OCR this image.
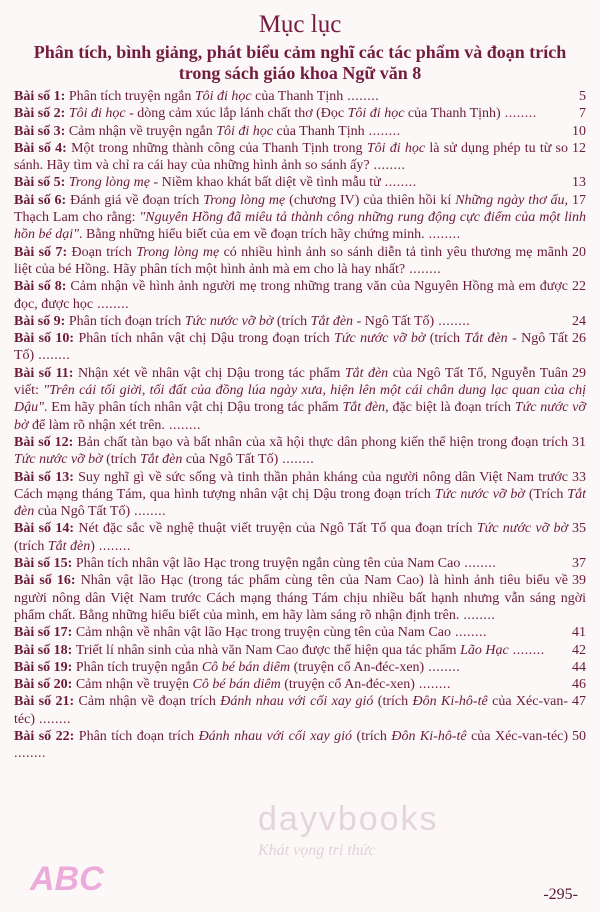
Mục lục
Phân tích, bình giảng, phát biểu cảm nghĩ các tác phẩm và đoạn trích trong sách giáo khoa Ngữ văn 8
5
Bài số 1: Phân tích truyện ngắn Tôi đi học của Thanh Tịnh ........
7
Bài số 2: Tôi đi học - dòng cảm xúc lắp lánh chất thơ (Đọc Tôi đi học của Thanh Tịnh) ........
10
Bài số 3: Cảm nhận về truyện ngắn Tôi đi học của Thanh Tịnh ........
12
Bài số 4: Một trong những thành công của Thanh Tịnh trong Tôi đi học là sử dụng phép tu từ so sánh. Hãy tìm và chỉ ra cái hay của những hình ảnh so sánh ấy? ........
13
Bài số 5: Trong lòng mẹ - Niềm khao khát bất diệt về tình mẫu tử ........
17
Bài số 6: Đánh giá về đoạn trích Trong lòng mẹ (chương IV) của thiên hồi kí Những ngày thơ ấu, Thạch Lam cho rằng: "Nguyên Hồng đã miêu tả thành công những rung động cực điểm của một linh hồn bé dại". Bằng những hiểu biết của em về đoạn trích hãy chứng minh. ........
20
Bài số 7: Đoạn trích Trong lòng mẹ có nhiều hình ảnh so sánh diễn tả tình yêu thương mẹ mãnh liệt của bé Hồng. Hãy phân tích một hình ảnh mà em cho là hay nhất? ........
22
Bài số 8: Cảm nhận về hình ảnh người mẹ trong những trang văn của Nguyên Hồng mà em được đọc, được học ........
24
Bài số 9: Phân tích đoạn trích Tức nước vỡ bờ (trích Tắt đèn - Ngô Tất Tố) ........
26
Bài số 10: Phân tích nhân vật chị Dậu trong đoạn trích Tức nước vỡ bờ (trích Tắt đèn - Ngô Tất Tố) ........
29
Bài số 11: Nhận xét về nhân vật chị Dậu trong tác phẩm Tắt đèn của Ngô Tất Tố, Nguyễn Tuân viết: "Trên cái tối giời, tối đất của đồng lúa ngày xưa, hiện lên một cái chân dung lạc quan của chị Dậu". Em hãy phân tích nhân vật chị Dậu trong tác phẩm Tắt đèn, đặc biệt là đoạn trích Tức nước vỡ bờ để làm rõ nhận xét trên. ........
31
Bài số 12: Bản chất tàn bạo và bất nhân của xã hội thực dân phong kiến thể hiện trong đoạn trích Tức nước vỡ bờ (trích Tắt đèn của Ngô Tất Tố) ........
33
Bài số 13: Suy nghĩ gì về sức sống và tinh thần phản kháng của người nông dân Việt Nam trước Cách mạng tháng Tám, qua hình tượng nhân vật chị Dậu trong đoạn trích Tức nước vỡ bờ (Trích Tắt đèn của Ngô Tất Tố) ........
35
Bài số 14: Nét đặc sắc về nghệ thuật viết truyện của Ngô Tất Tố qua đoạn trích Tức nước vỡ bờ (trích Tắt đèn) ........
37
Bài số 15: Phân tích nhân vật lão Hạc trong truyện ngắn cùng tên của Nam Cao ........
39
Bài số 16: Nhân vật lão Hạc (trong tác phẩm cùng tên của Nam Cao) là hình ảnh tiêu biểu về người nông dân Việt Nam trước Cách mạng tháng Tám chịu nhiều bất hạnh nhưng vẫn sáng ngời phẩm chất. Bằng những hiểu biết của mình, em hãy làm sáng rõ nhận định trên. ........
41
Bài số 17: Cảm nhận về nhân vật lão Hạc trong truyện cùng tên của Nam Cao ........
42
Bài số 18: Triết lí nhân sinh của nhà văn Nam Cao được thể hiện qua tác phẩm Lão Hạc ........
44
Bài số 19: Phân tích truyện ngắn Cô bé bán diêm (truyện cổ An-đéc-xen) ........
46
Bài số 20: Cảm nhận về truyện Cô bé bán diêm (truyện cổ An-đéc-xen) ........
47
Bài số 21: Cảm nhận về đoạn trích Đánh nhau với cối xay gió (trích Đôn Ki-hô-tê của Xéc-van-téc) ........
50
Bài số 22: Phân tích đoạn trích Đánh nhau với cối xay gió (trích Đôn Ki-hô-tê của Xéc-van-téc) ........
dayvbooks
Khát vọng tri thức
ABC	-295-
